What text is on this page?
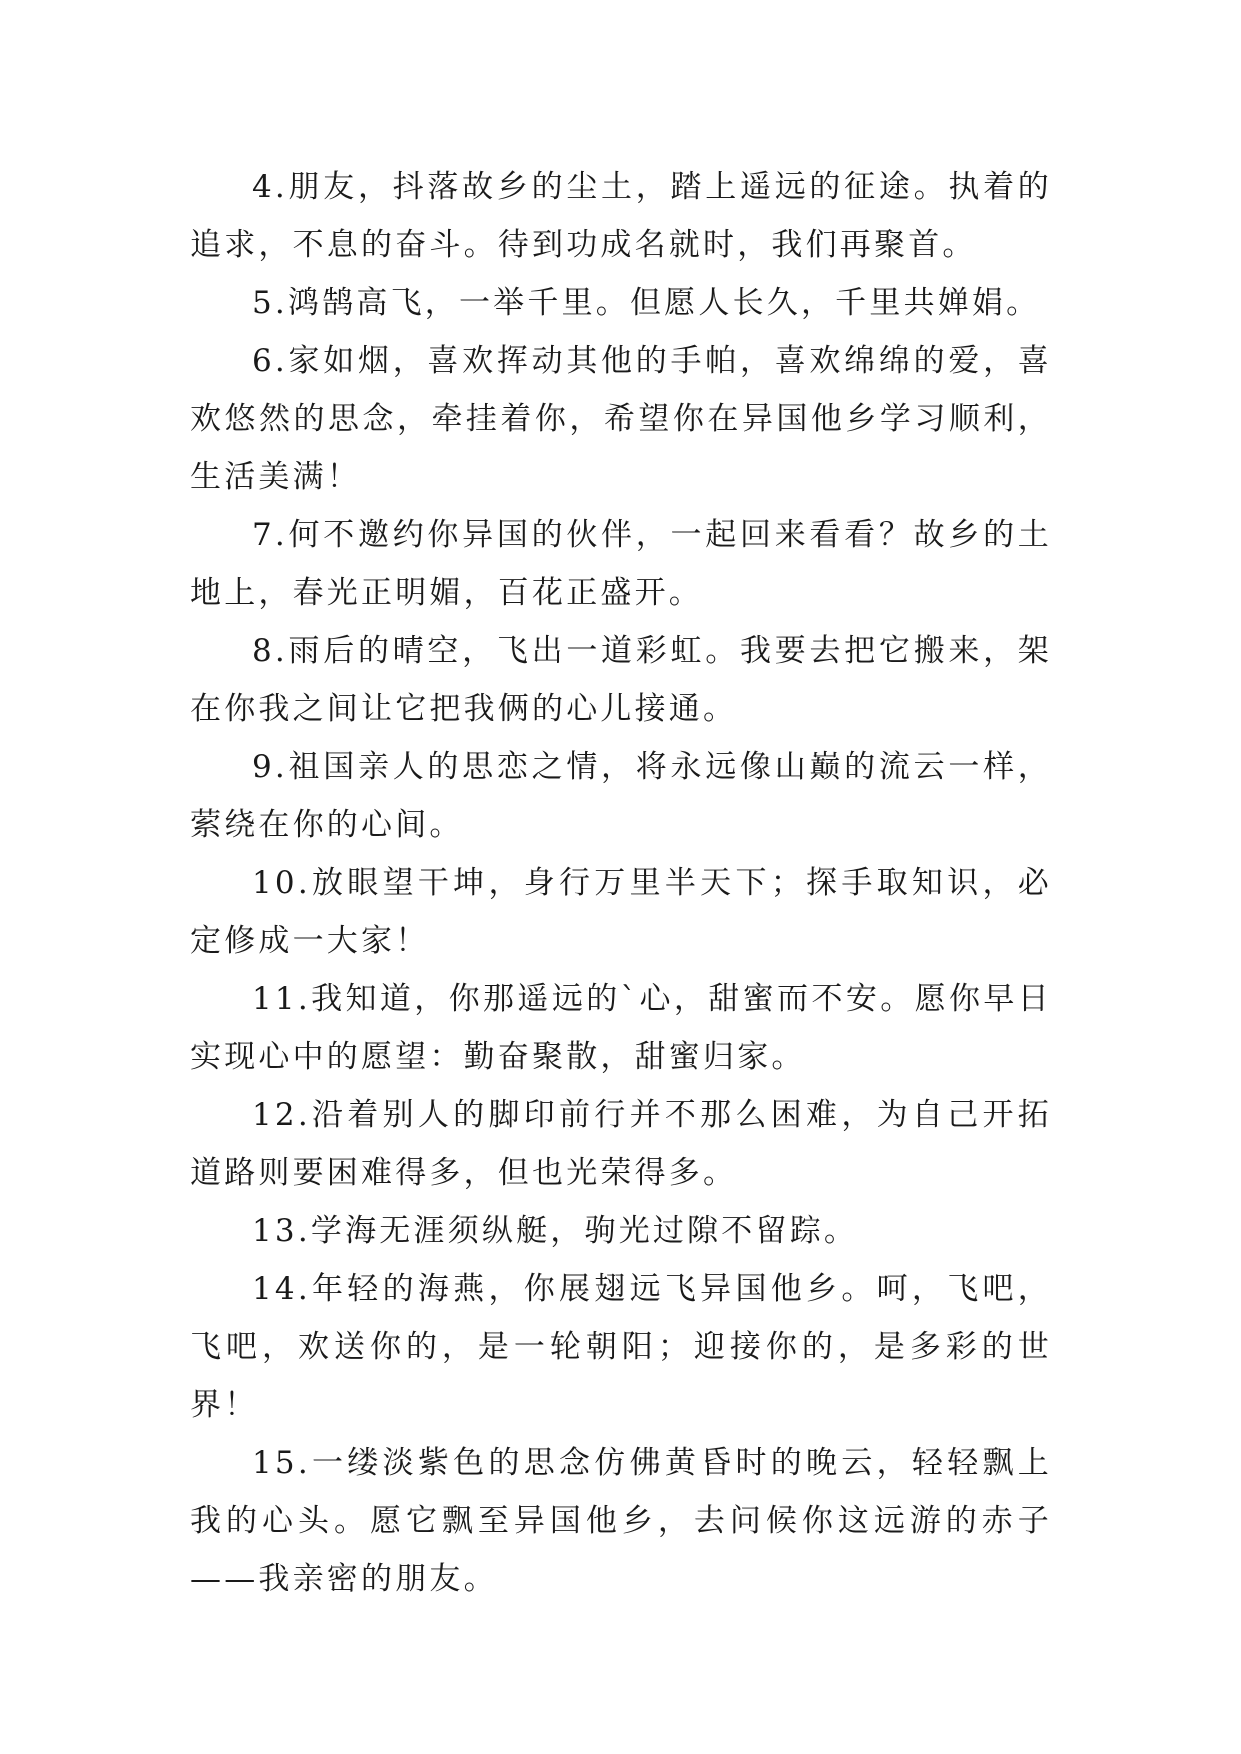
4.朋友，抖落故乡的尘土，踏上遥远的征途。执着的追求，不息的奋斗。待到功成名就时，我们再聚首。

5.鸿鹄高飞，一举千里。但愿人长久，千里共婵娟。

6.家如烟，喜欢挥动其他的手帕，喜欢绵绵的爱，喜欢悠然的思念，牵挂着你，希望你在异国他乡学习顺利，生活美满！

7.何不邀约你异国的伙伴，一起回来看看？故乡的土地上，春光正明媚，百花正盛开。

8.雨后的晴空，飞出一道彩虹。我要去把它搬来，架在你我之间让它把我俩的心儿接通。

9.祖国亲人的思恋之情，将永远像山巅的流云一样，萦绕在你的心间。

10.放眼望干坤，身行万里半天下；探手取知识，必定修成一大家！

11.我知道，你那遥远的`心，甜蜜而不安。愿你早日实现心中的愿望：勤奋聚散，甜蜜归家。

12.沿着别人的脚印前行并不那么困难，为自己开拓道路则要困难得多，但也光荣得多。

13.学海无涯须纵艇，驹光过隙不留踪。

14.年轻的海燕，你展翅远飞异国他乡。呵，飞吧，飞吧，欢送你的，是一轮朝阳；迎接你的，是多彩的世界！

15.一缕淡紫色的思念仿佛黄昏时的晚云，轻轻飘上我的心头。愿它飘至异国他乡，去问候你这远游的赤子——我亲密的朋友。
